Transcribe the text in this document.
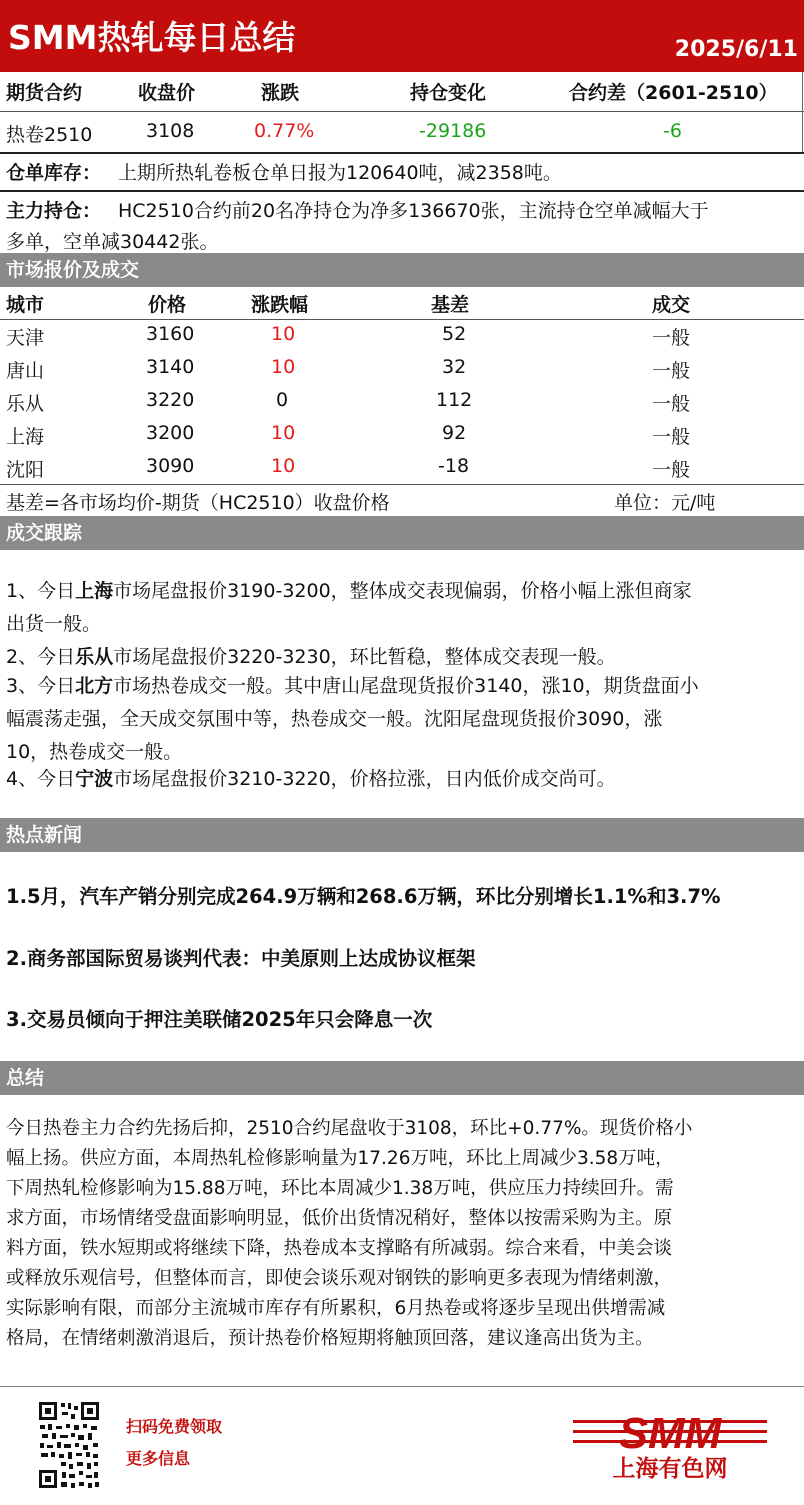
SMM热轧每日总结	2025/6/11
期货合约	收盘价	涨跌	持仓变化	合约差（2601-2510）
热卷2510	3108	0.77%	-29186	-6
仓单库存： 上期所热轧卷板仓单日报为120640吨，减2358吨。
主力持仓： HC2510合约前20名净持仓为净多136670张，主流持仓空单减幅大于
多单，空单减30442张。
市场报价及成交
城市	价格	涨跌幅	基差	成交
天津	3160	10	52	一般
唐山	3140	10	32	一般
乐从	3220	0	112	一般
上海	3200	10	92	一般
沈阳	3090	10	-18	一般
基差=各市场均价-期货（HC2510）收盘价格	单位：元/吨
成交跟踪
1、今日上海市场尾盘报价3190-3200，整体成交表现偏弱，价格小幅上涨但商家
出货一般。
2、今日乐从市场尾盘报价3220-3230，环比暂稳，整体成交表现一般。
3、今日北方市场热卷成交一般。其中唐山尾盘现货报价3140，涨10，期货盘面小
幅震荡走强，全天成交氛围中等，热卷成交一般。沈阳尾盘现货报价3090，涨
10，热卷成交一般。
4、今日宁波市场尾盘报价3210-3220，价格拉涨，日内低价成交尚可。
热点新闻
1.5月，汽车产销分别完成264.9万辆和268.6万辆，环比分别增长1.1%和3.7%
2.商务部国际贸易谈判代表：中美原则上达成协议框架
3.交易员倾向于押注美联储2025年只会降息一次
总结
今日热卷主力合约先扬后抑，2510合约尾盘收于3108，环比+0.77%。现货价格小
幅上扬。供应方面，本周热轧检修影响量为17.26万吨，环比上周减少3.58万吨，
下周热轧检修影响为15.88万吨，环比本周减少1.38万吨，供应压力持续回升。需
求方面，市场情绪受盘面影响明显，低价出货情况稍好，整体以按需采购为主。原
料方面，铁水短期或将继续下降，热卷成本支撑略有所减弱。综合来看，中美会谈
或释放乐观信号，但整体而言，即使会谈乐观对钢铁的影响更多表现为情绪刺激，
实际影响有限，而部分主流城市库存有所累积，6月热卷或将逐步呈现出供增需减
格局，在情绪刺激消退后，预计热卷价格短期将触顶回落，建议逢高出货为主。
扫码免费领取
更多信息
SMM
上海有色网
